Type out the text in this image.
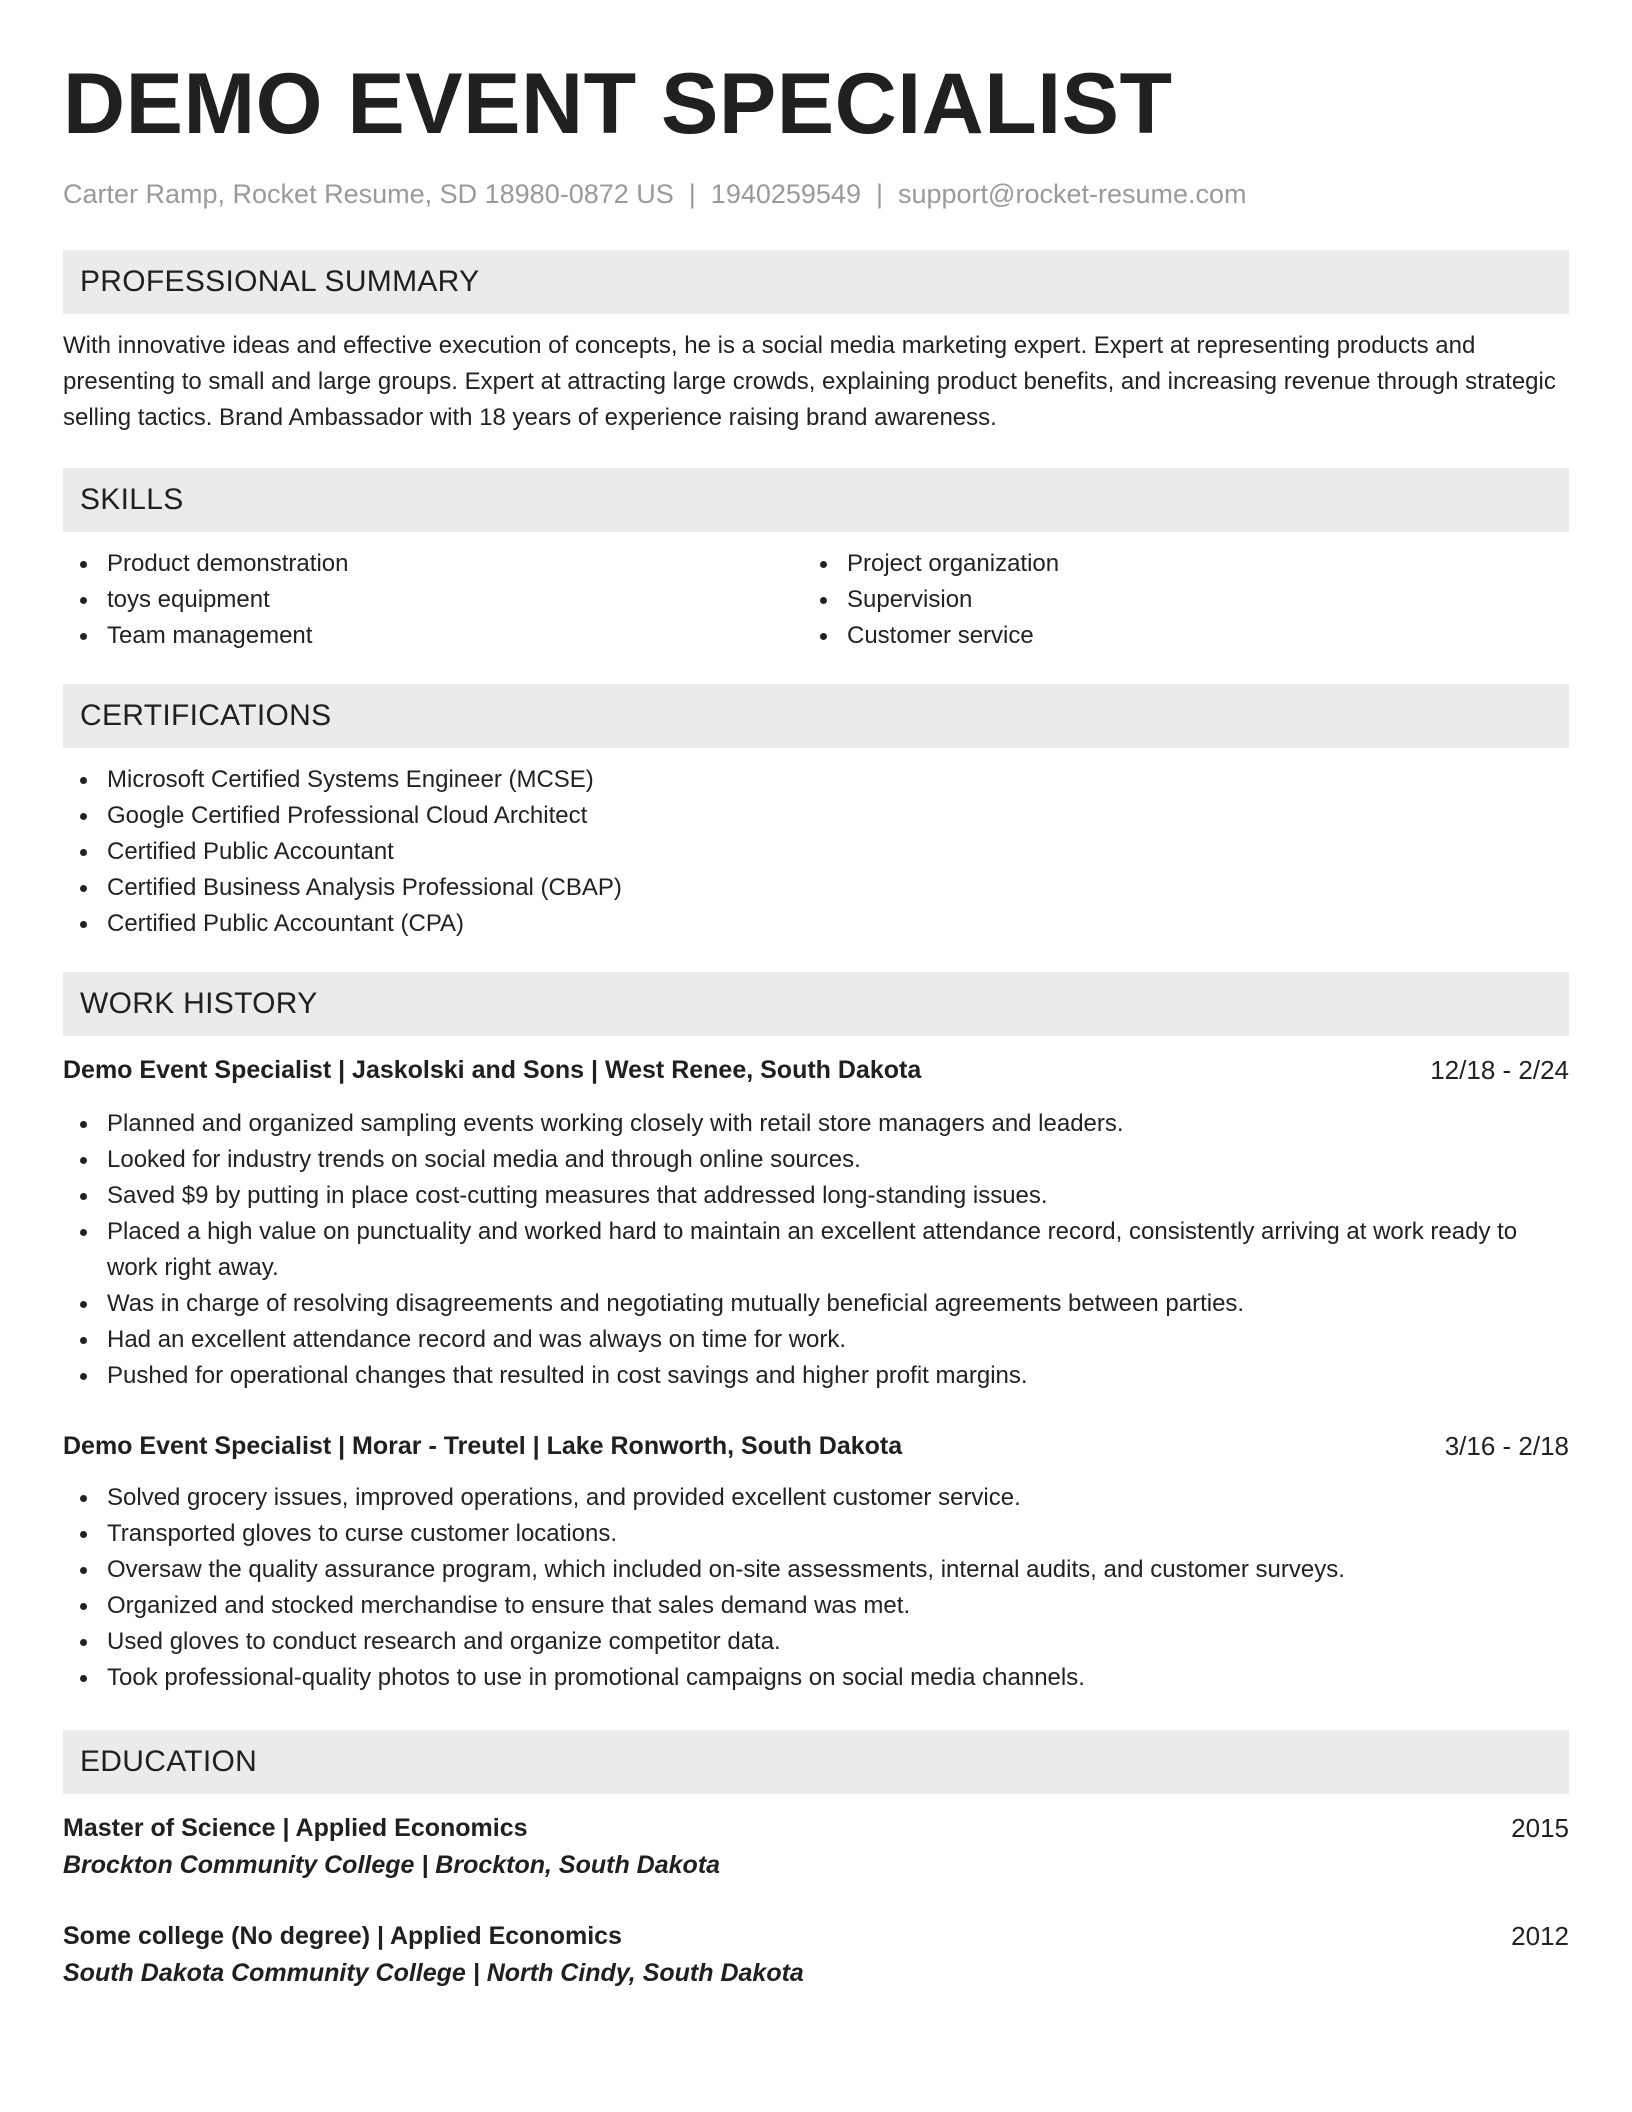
DEMO EVENT SPECIALIST
Carter Ramp, Rocket Resume, SD 18980-0872 US | 1940259549 | support@rocket-resume.com
PROFESSIONAL SUMMARY

With innovative ideas and effective execution of concepts, he is a social media marketing expert. Expert at representing products and presenting to small and large groups. Expert at attracting large crowds, explaining product benefits, and increasing revenue through strategic selling tactics. Brand Ambassador with 18 years of experience raising brand awareness.

SKILLS
Product demonstration
toys equipment
Team management
Project organization
Supervision
Customer service
CERTIFICATIONS
Microsoft Certified Systems Engineer (MCSE)
Google Certified Professional Cloud Architect
Certified Public Accountant
Certified Business Analysis Professional (CBAP)
Certified Public Accountant (CPA)
WORK HISTORY
Demo Event Specialist | Jaskolski and Sons | West Renee, South Dakota	12/18 - 2/24
Planned and organized sampling events working closely with retail store managers and leaders.
Looked for industry trends on social media and through online sources.
Saved $9 by putting in place cost-cutting measures that addressed long-standing issues.
Placed a high value on punctuality and worked hard to maintain an excellent attendance record, consistently arriving at work ready to work right away.
Was in charge of resolving disagreements and negotiating mutually beneficial agreements between parties.
Had an excellent attendance record and was always on time for work.
Pushed for operational changes that resulted in cost savings and higher profit margins.
Demo Event Specialist | Morar - Treutel | Lake Ronworth, South Dakota	3/16 - 2/18
Solved grocery issues, improved operations, and provided excellent customer service.
Transported gloves to curse customer locations.
Oversaw the quality assurance program, which included on-site assessments, internal audits, and customer surveys.
Organized and stocked merchandise to ensure that sales demand was met.
Used gloves to conduct research and organize competitor data.
Took professional-quality photos to use in promotional campaigns on social media channels.
EDUCATION
Master of Science | Applied Economics	2015
Brockton Community College | Brockton, South Dakota
Some college (No degree) | Applied Economics	2012
South Dakota Community College | North Cindy, South Dakota
